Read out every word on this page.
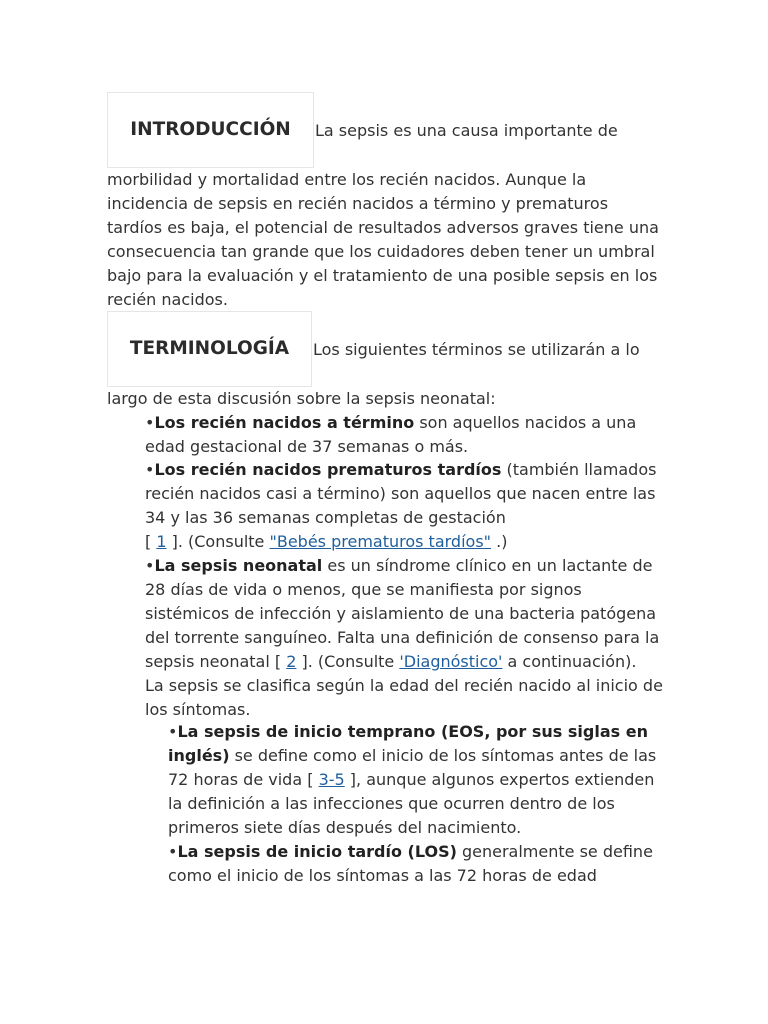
INTRODUCCIÓN La sepsis es una causa importante de

morbilidad y mortalidad entre los recién nacidos. Aunque la incidencia de sepsis en recién nacidos a término y prematuros tardíos es baja, el potencial de resultados adversos graves tiene una consecuencia tan grande que los cuidadores deben tener un umbral bajo para la evaluación y el tratamiento de una posible sepsis en los recién nacidos.

TERMINOLOGÍA Los siguientes términos se utilizarán a lo

largo de esta discusión sobre la sepsis neonatal:

•Los recién nacidos a término son aquellos nacidos a una edad gestacional de 37 semanas o más.

•Los recién nacidos prematuros tardíos (también llamados recién nacidos casi a término) son aquellos que nacen entre las 34 y las 36 semanas completas de gestación
[ 1 ]. (Consulte "Bebés prematuros tardíos" .)

•La sepsis neonatal es un síndrome clínico en un lactante de 28 días de vida o menos, que se manifiesta por signos sistémicos de infección y aislamiento de una bacteria patógena del torrente sanguíneo. Falta una definición de consenso para la sepsis neonatal [ 2 ]. (Consulte 'Diagnóstico' a continuación).

La sepsis se clasifica según la edad del recién nacido al inicio de los síntomas.

•La sepsis de inicio temprano (EOS, por sus siglas en inglés) se define como el inicio de los síntomas antes de las 72 horas de vida [ 3-5 ], aunque algunos expertos extienden la definición a las infecciones que ocurren dentro de los primeros siete días después del nacimiento.

•La sepsis de inicio tardío (LOS) generalmente se define como el inicio de los síntomas a las 72 horas de edad
